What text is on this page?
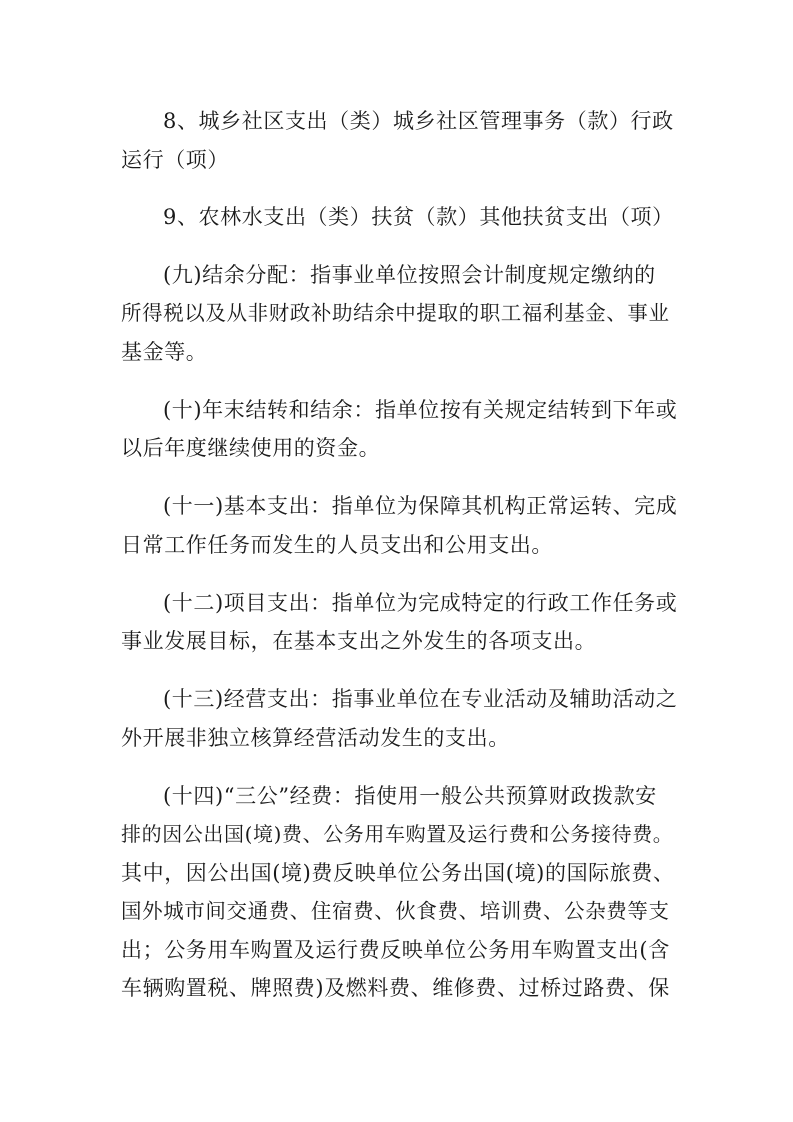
8、城乡社区支出（类）城乡社区管理事务（款）行政
运行（项）
9、农林水支出（类）扶贫（款）其他扶贫支出（项）
(九)结余分配：指事业单位按照会计制度规定缴纳的
所得税以及从非财政补助结余中提取的职工福利基金、事业
基金等。
(十)年末结转和结余：指单位按有关规定结转到下年或
以后年度继续使用的资金。
(十一)基本支出：指单位为保障其机构正常运转、完成
日常工作任务而发生的人员支出和公用支出。
(十二)项目支出：指单位为完成特定的行政工作任务或
事业发展目标，在基本支出之外发生的各项支出。
(十三)经营支出：指事业单位在专业活动及辅助活动之
外开展非独立核算经营活动发生的支出。
(十四)“三公”经费：指使用一般公共预算财政拨款安
排的因公出国(境)费、公务用车购置及运行费和公务接待费。
其中，因公出国(境)费反映单位公务出国(境)的国际旅费、
国外城市间交通费、住宿费、伙食费、培训费、公杂费等支
出；公务用车购置及运行费反映单位公务用车购置支出(含
车辆购置税、牌照费)及燃料费、维修费、过桥过路费、保
